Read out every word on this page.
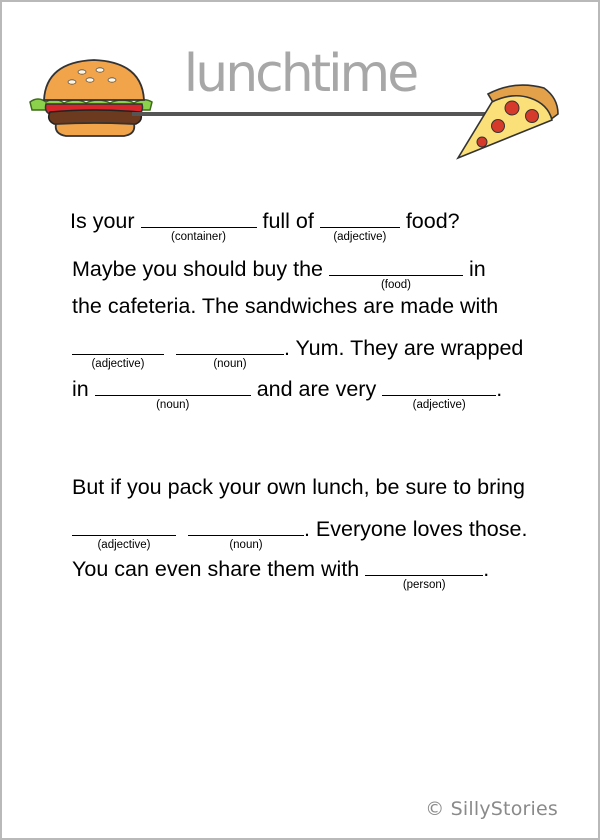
lunchtime
Is your
(container)
full of
(adjective)
food?
Maybe you should buy the
(food)
in
the cafeteria. The sandwiches are made with
(adjective)
	(noun)
. Yum. They are wrapped
in
(noun)
and are very
(adjective)
.
But if you pack your own lunch, be sure to bring
(adjective)
	(noun)
. Everyone loves those.
You can even share them with
(person)
.
© SillyStories
